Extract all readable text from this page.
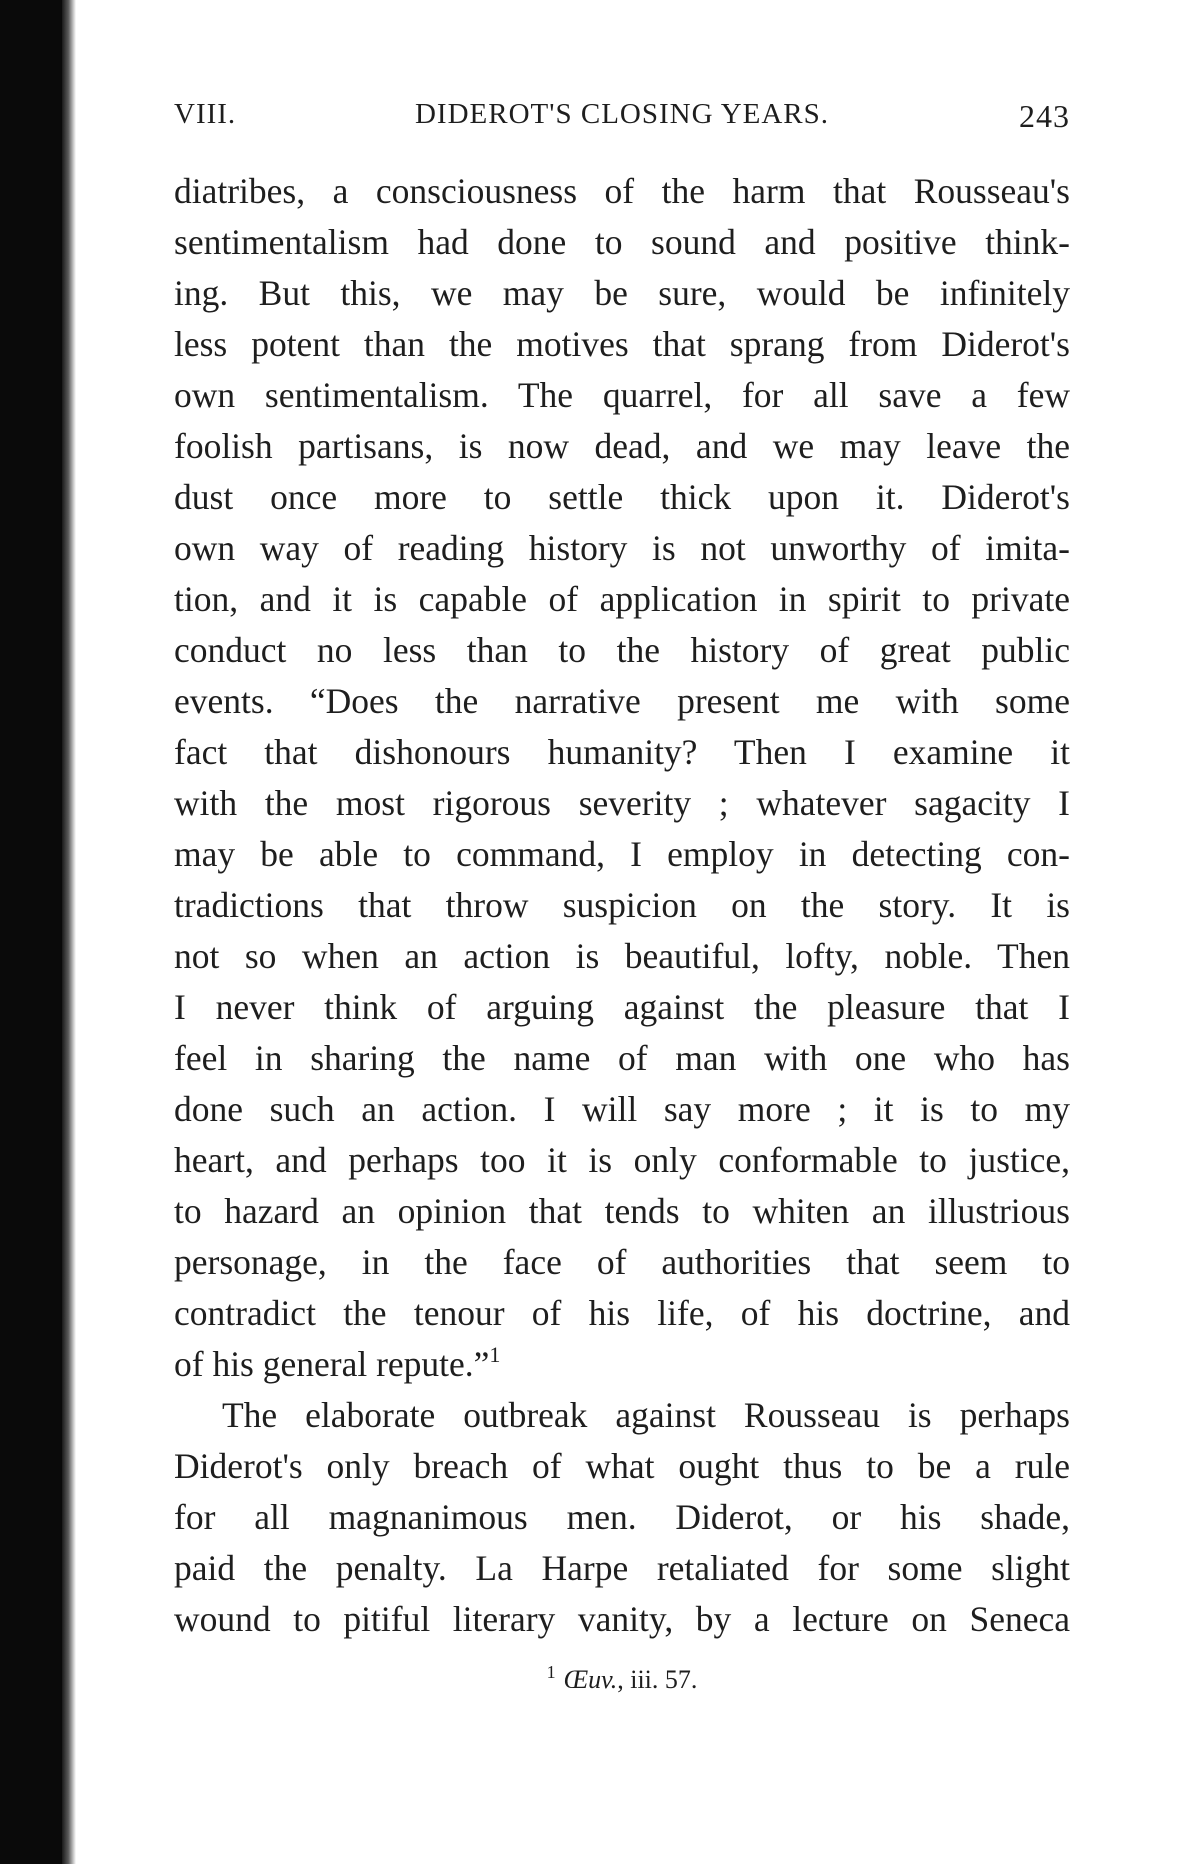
VIII.	DIDEROT'S CLOSING YEARS.	243
diatribes, a consciousness of the harm that Rousseau's
sentimentalism had done to sound and positive think-
ing. But this, we may be sure, would be infinitely
less potent than the motives that sprang from Diderot's
own sentimentalism. The quarrel, for all save a few
foolish partisans, is now dead, and we may leave the
dust once more to settle thick upon it. Diderot's
own way of reading history is not unworthy of imita-
tion, and it is capable of application in spirit to private
conduct no less than to the history of great public
events. “Does the narrative present me with some
fact that dishonours humanity? Then I examine it
with the most rigorous severity ; whatever sagacity I
may be able to command, I employ in detecting con-
tradictions that throw suspicion on the story. It is
not so when an action is beautiful, lofty, noble. Then
I never think of arguing against the pleasure that I
feel in sharing the name of man with one who has
done such an action. I will say more ; it is to my
heart, and perhaps too it is only conformable to justice,
to hazard an opinion that tends to whiten an illustrious
personage, in the face of authorities that seem to
contradict the tenour of his life, of his doctrine, and
of his general repute.”$^1$
The elaborate outbreak against Rousseau is perhaps
Diderot's only breach of what ought thus to be a rule
for all magnanimous men. Diderot, or his shade,
paid the penalty. La Harpe retaliated for some slight
wound to pitiful literary vanity, by a lecture on Seneca
$^1$ Œuv., iii. 57.
